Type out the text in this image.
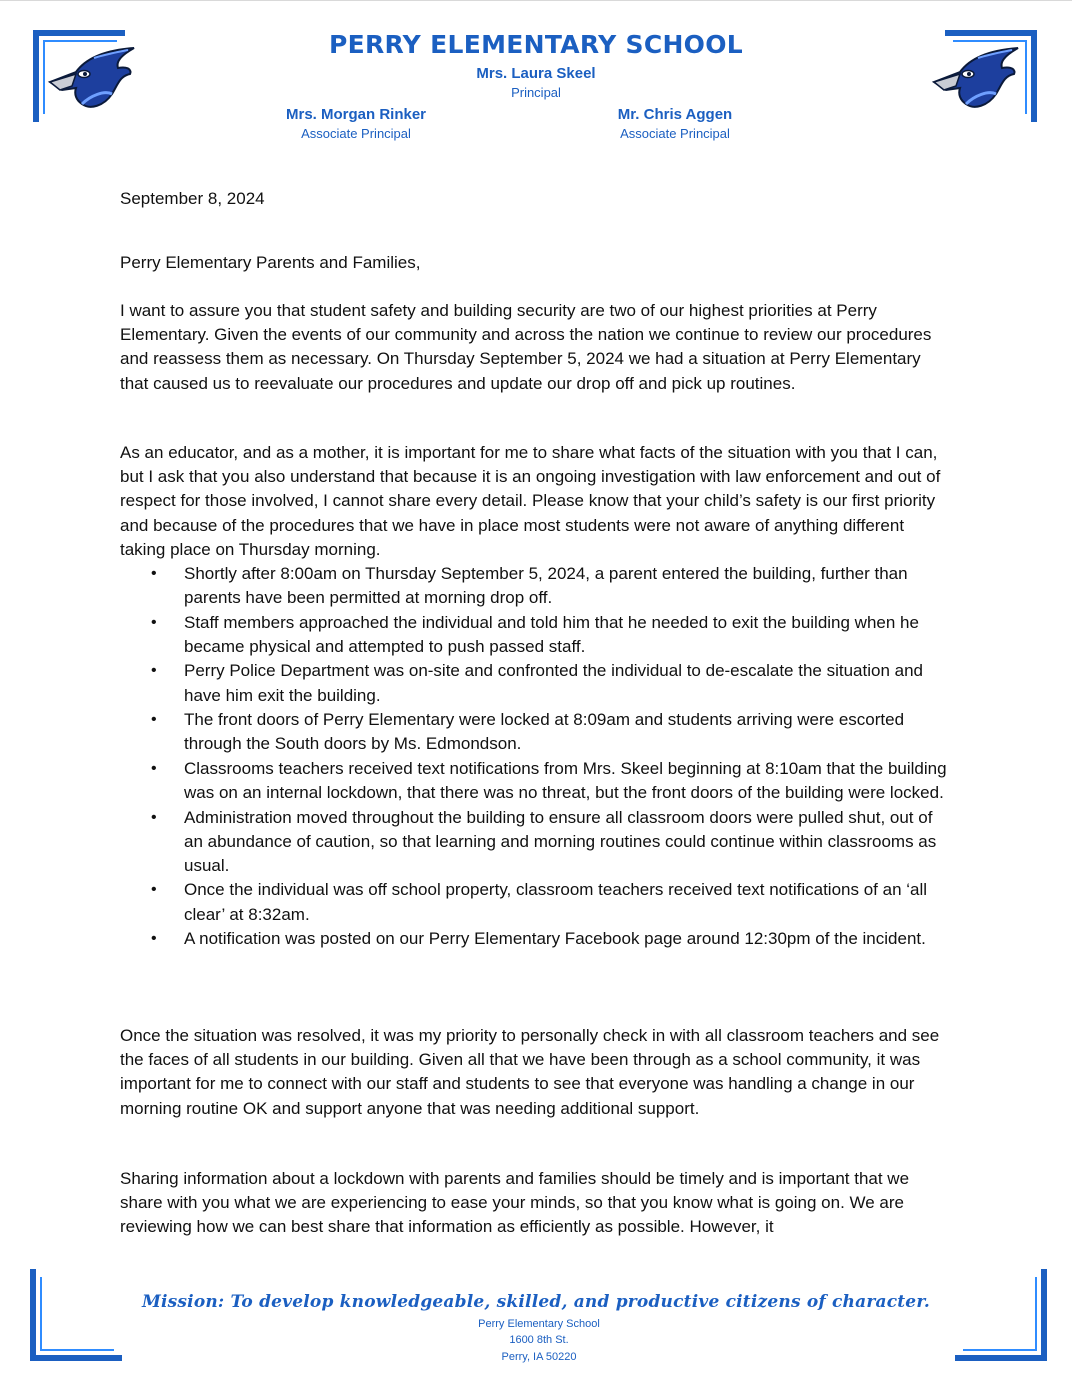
PERRY ELEMENTARY SCHOOL
Mrs. Laura Skeel
Principal
Mrs. Morgan Rinker
Associate Principal
Mr. Chris Aggen
Associate Principal
September 8, 2024
Perry Elementary Parents and Families,
I want to assure you that student safety and building security are two of our highest priorities at Perry Elementary. Given the events of our community and across the nation we continue to review our procedures and reassess them as necessary. On Thursday September 5, 2024 we had a situation at Perry Elementary that caused us to reevaluate our procedures and update our drop off and pick up routines.
As an educator, and as a mother, it is important for me to share what facts of the situation with you that I can, but I ask that you also understand that because it is an ongoing investigation with law enforcement and out of respect for those involved, I cannot share every detail. Please know that your child’s safety is our first priority and because of the procedures that we have in place most students were not aware of anything different taking place on Thursday morning.
• Shortly after 8:00am on Thursday September 5, 2024, a parent entered the building, further than parents have been permitted at morning drop off.
• Staff members approached the individual and told him that he needed to exit the building when he became physical and attempted to push passed staff.
• Perry Police Department was on-site and confronted the individual to de-escalate the situation and have him exit the building.
• The front doors of Perry Elementary were locked at 8:09am and students arriving were escorted through the South doors by Ms. Edmondson.
• Classrooms teachers received text notifications from Mrs. Skeel beginning at 8:10am that the building was on an internal lockdown, that there was no threat, but the front doors of the building were locked.
• Administration moved throughout the building to ensure all classroom doors were pulled shut, out of an abundance of caution, so that learning and morning routines could continue within classrooms as usual.
• Once the individual was off school property, classroom teachers received text notifications of an ‘all clear’ at 8:32am.
• A notification was posted on our Perry Elementary Facebook page around 12:30pm of the incident.
Once the situation was resolved, it was my priority to personally check in with all classroom teachers and see the faces of all students in our building. Given all that we have been through as a school community, it was important for me to connect with our staff and students to see that everyone was handling a change in our morning routine OK and support anyone that was needing additional support.
Sharing information about a lockdown with parents and families should be timely and is important that we share with you what we are experiencing to ease your minds, so that you know what is going on. We are reviewing how we can best share that information as efficiently as possible. However, it
Mission: To develop knowledgeable, skilled, and productive citizens of character.
Perry Elementary School
1600 8th St.
Perry, IA 50220
